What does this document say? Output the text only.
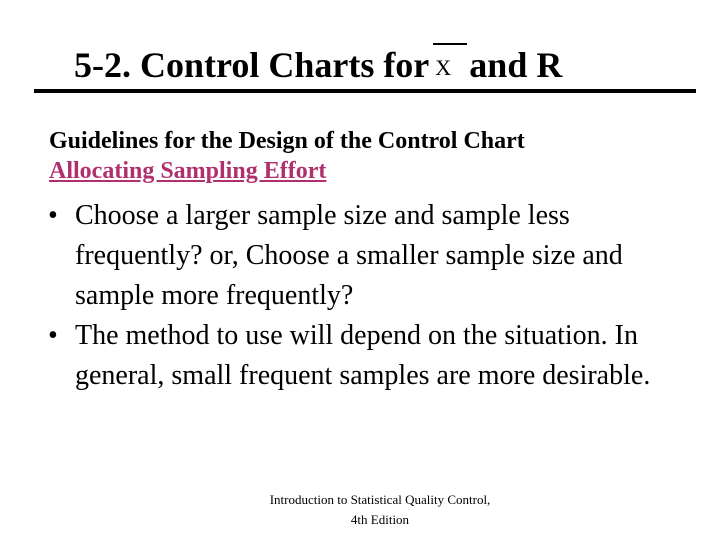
5-2. Control Charts for X and R
Guidelines for the Design of the Control Chart
Allocating Sampling Effort
• Choose a larger sample size and sample less frequently? or, Choose a smaller sample size and sample more frequently?
• The method to use will depend on the situation. In general, small frequent samples are more desirable.
Introduction to Statistical Quality Control,
4th Edition
